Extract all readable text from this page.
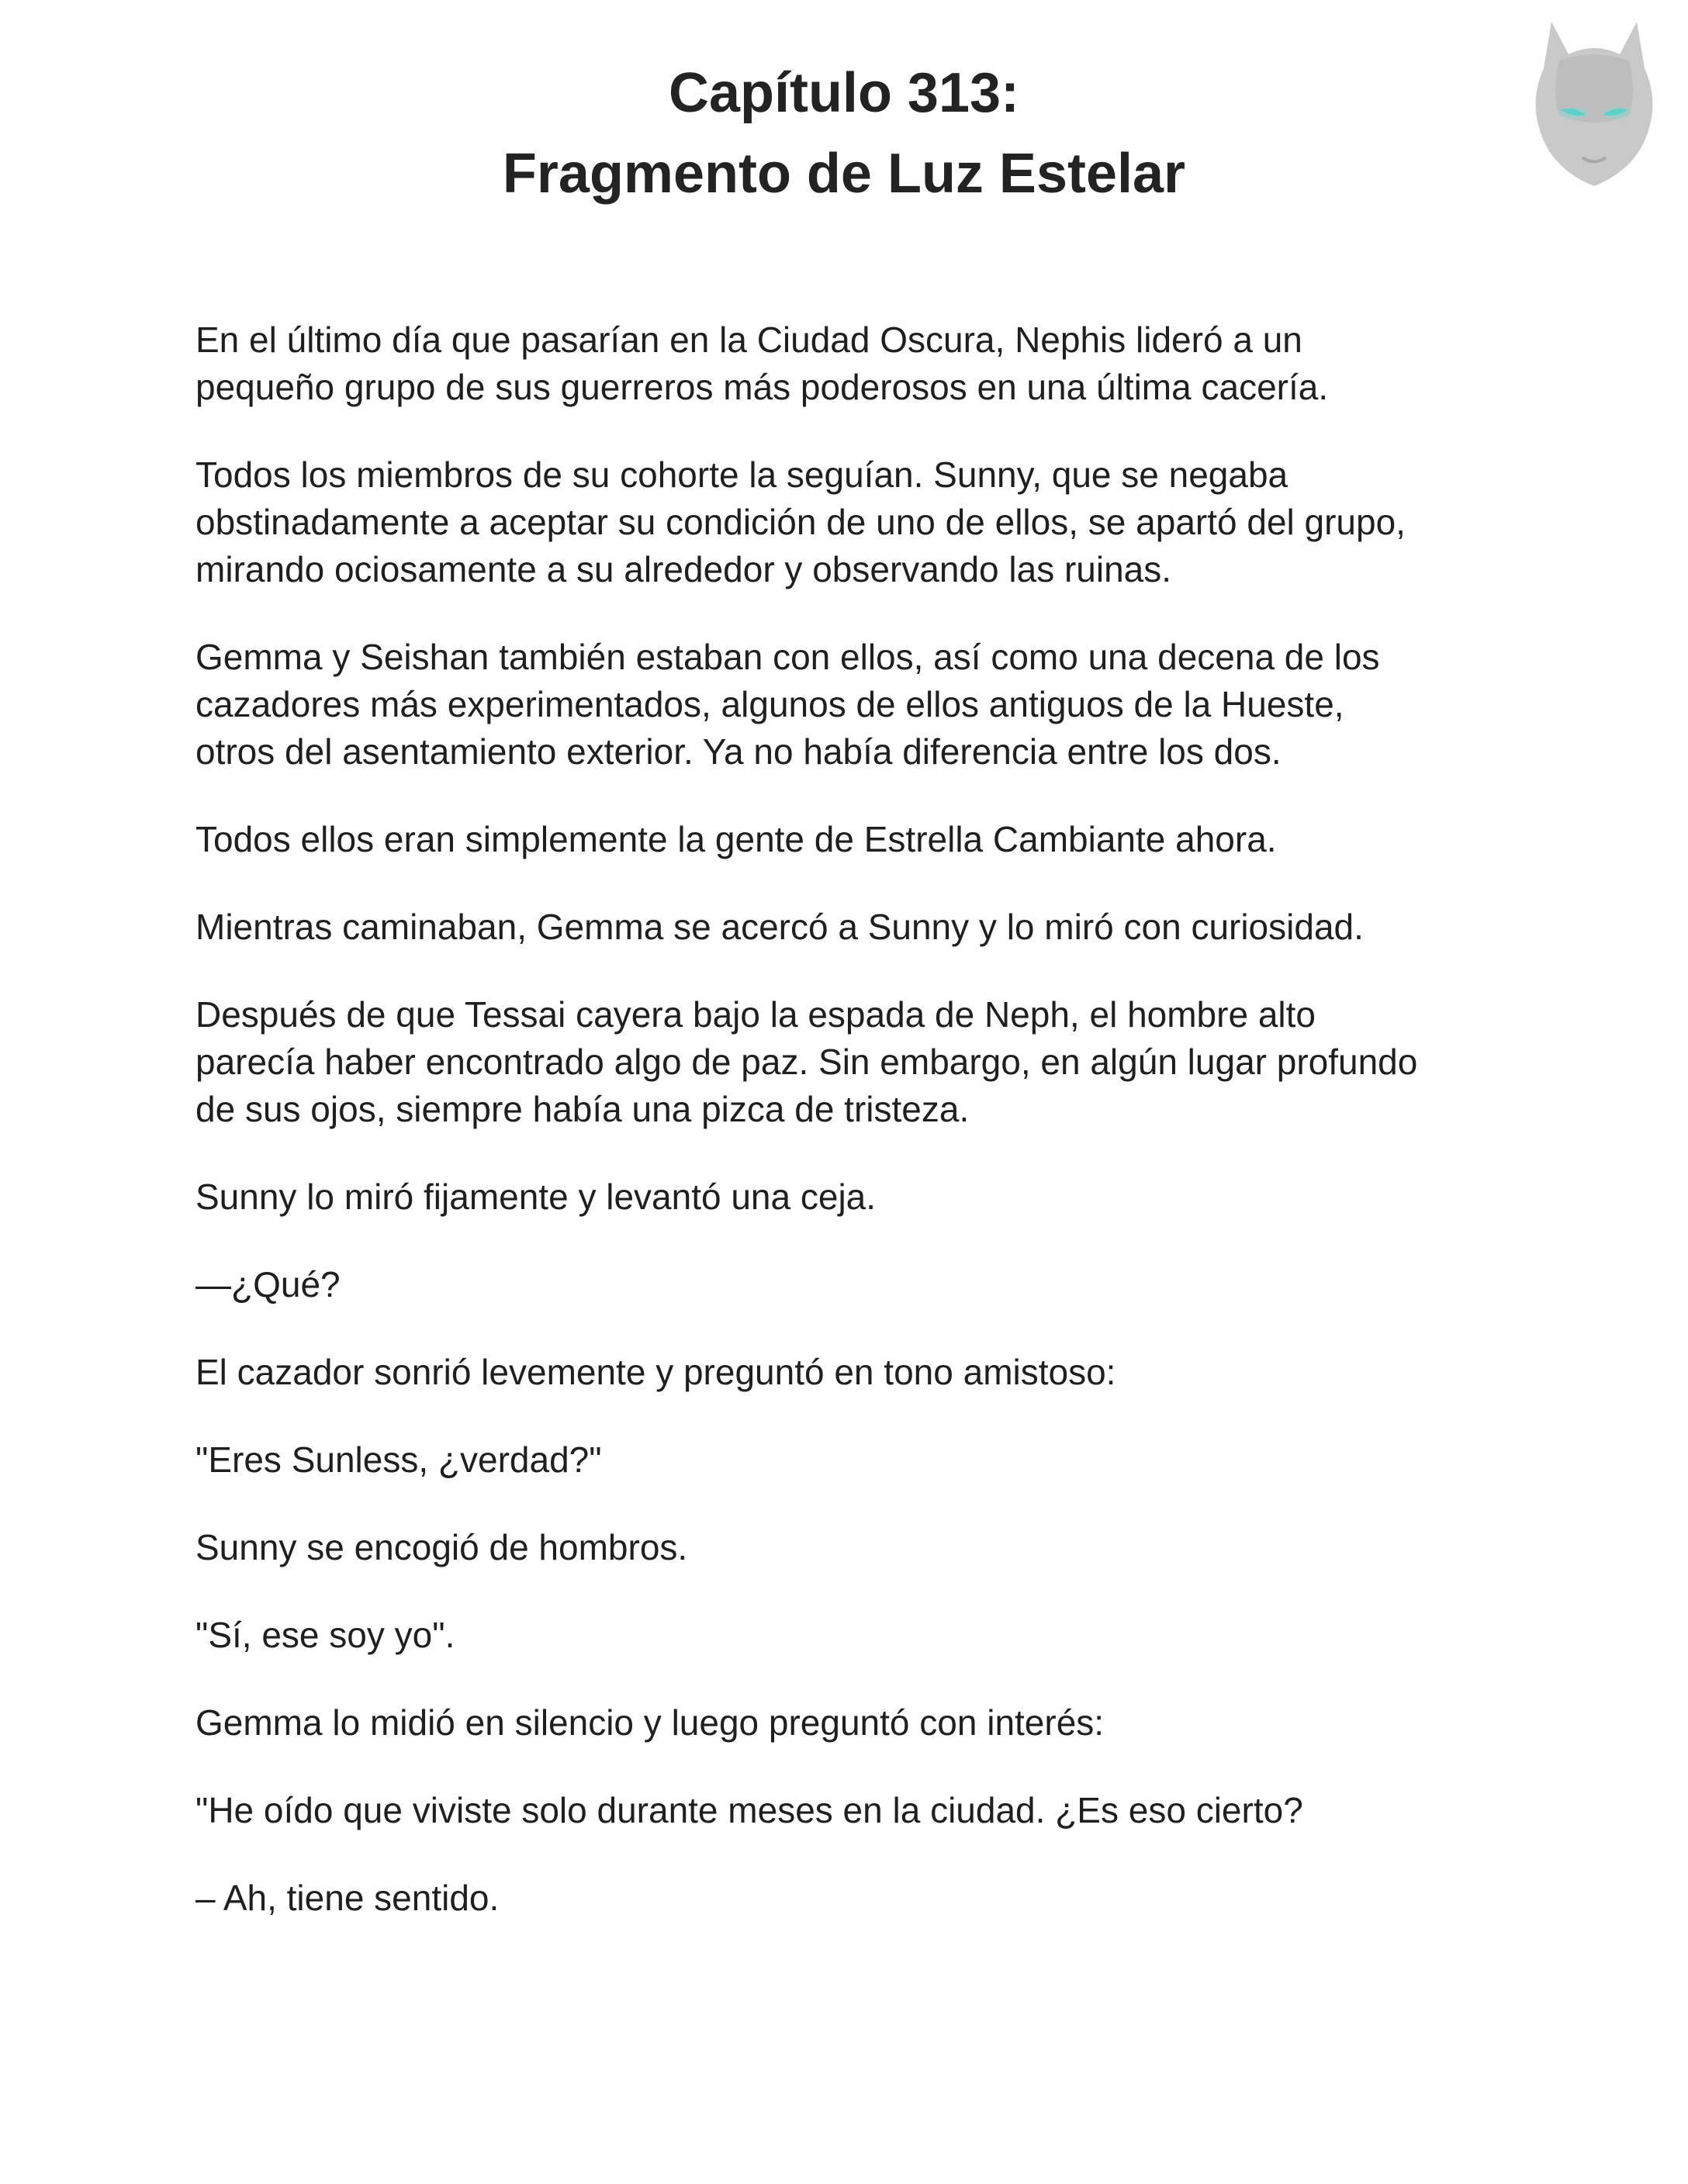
Capítulo 313:
Fragmento de Luz Estelar

En el último día que pasarían en la Ciudad Oscura, Nephis lideró a un
pequeño grupo de sus guerreros más poderosos en una última cacería.

Todos los miembros de su cohorte la seguían. Sunny, que se negaba
obstinadamente a aceptar su condición de uno de ellos, se apartó del grupo,
mirando ociosamente a su alrededor y observando las ruinas.

Gemma y Seishan también estaban con ellos, así como una decena de los
cazadores más experimentados, algunos de ellos antiguos de la Hueste,
otros del asentamiento exterior. Ya no había diferencia entre los dos.

Todos ellos eran simplemente la gente de Estrella Cambiante ahora.

Mientras caminaban, Gemma se acercó a Sunny y lo miró con curiosidad.

Después de que Tessai cayera bajo la espada de Neph, el hombre alto
parecía haber encontrado algo de paz. Sin embargo, en algún lugar profundo
de sus ojos, siempre había una pizca de tristeza.

Sunny lo miró fijamente y levantó una ceja.

—¿Qué?

El cazador sonrió levemente y preguntó en tono amistoso:

"Eres Sunless, ¿verdad?"

Sunny se encogió de hombros.

"Sí, ese soy yo".

Gemma lo midió en silencio y luego preguntó con interés:

"He oído que viviste solo durante meses en la ciudad. ¿Es eso cierto?

– Ah, tiene sentido.
